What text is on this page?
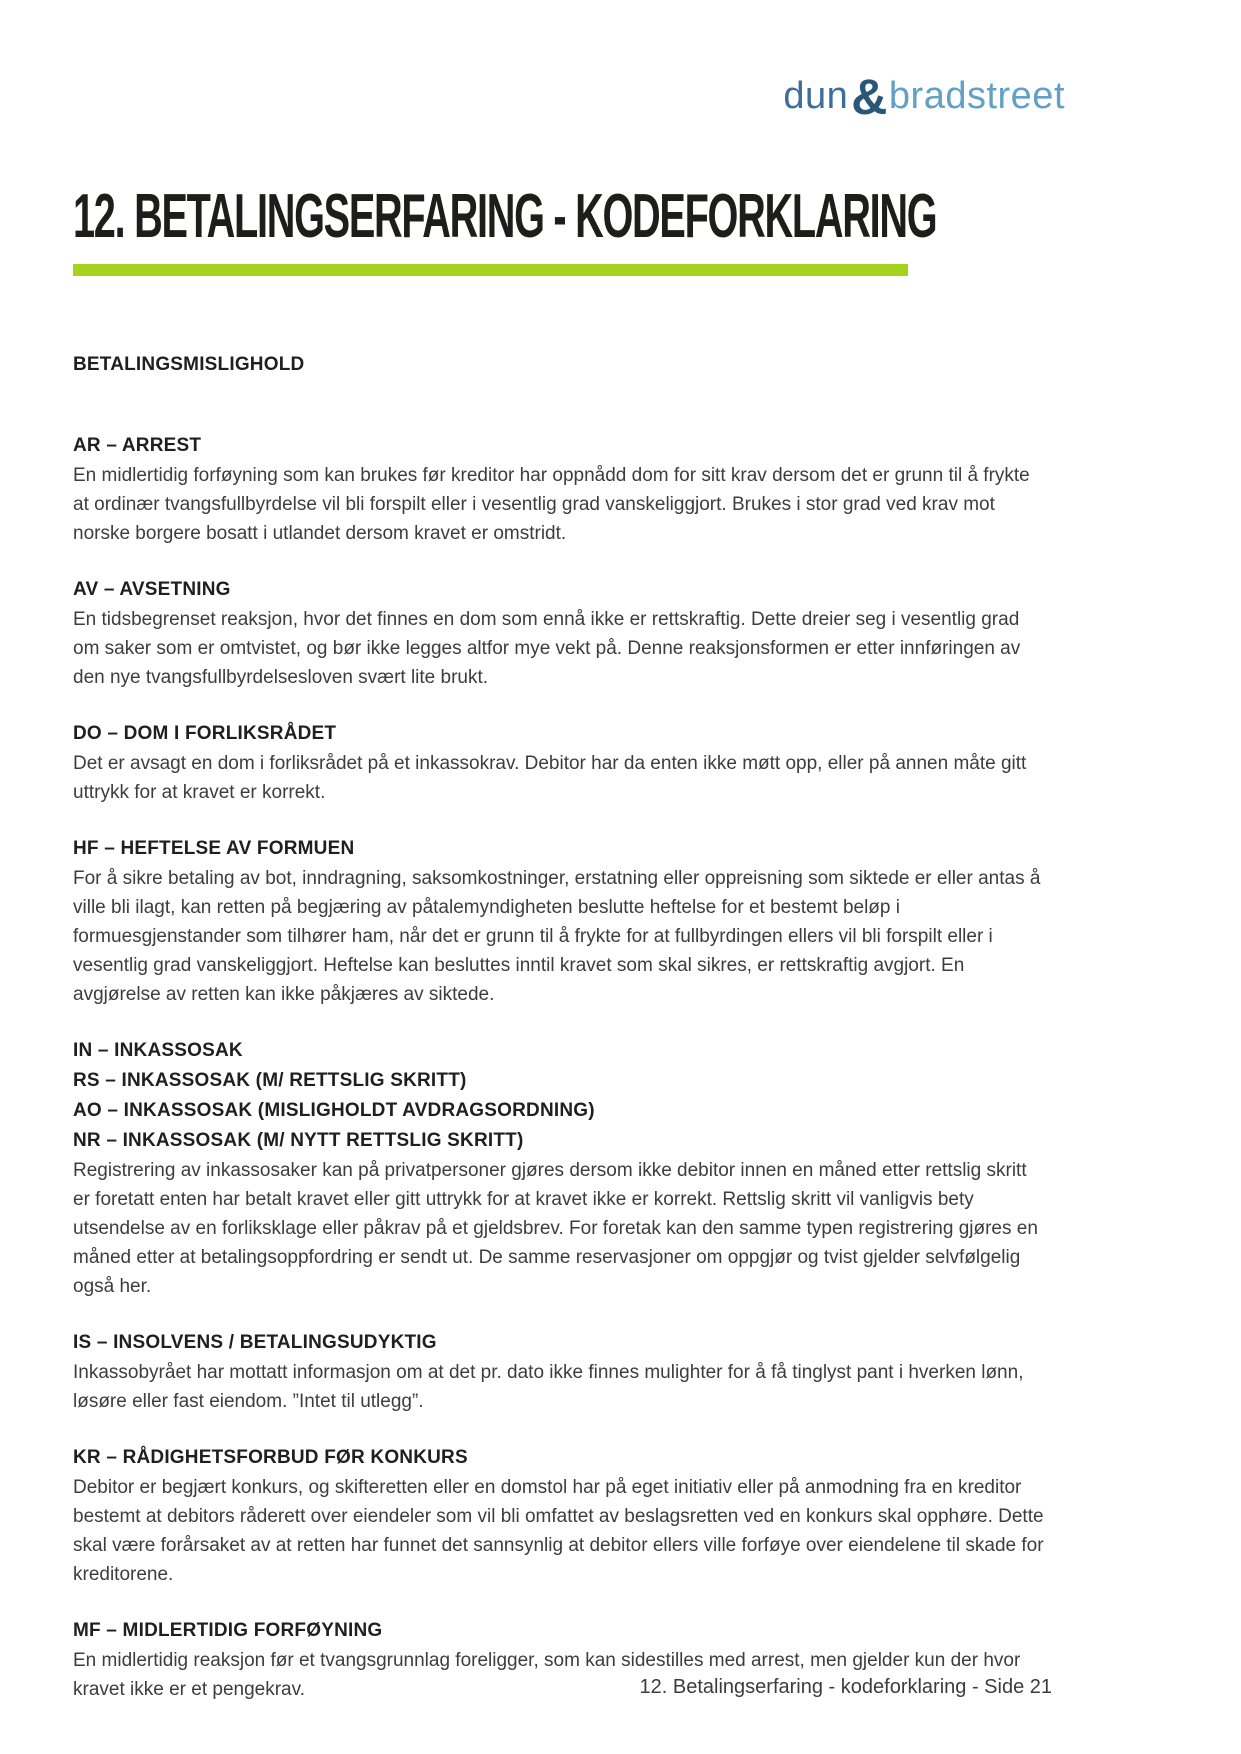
dun&bradstreet
12. BETALINGSERFARING - KODEFORKLARING
BETALINGSMISLIGHOLD
AR – ARREST

En midlertidig forføyning som kan brukes før kreditor har oppnådd dom for sitt krav dersom det er grunn til å frykte at ordinær tvangsfullbyrdelse vil bli forspilt eller i vesentlig grad vanskeliggjort. Brukes i stor grad ved krav mot norske borgere bosatt i utlandet dersom kravet er omstridt.

AV – AVSETNING

En tidsbegrenset reaksjon, hvor det finnes en dom som ennå ikke er rettskraftig. Dette dreier seg i vesentlig grad om saker som er omtvistet, og bør ikke legges altfor mye vekt på. Denne reaksjonsformen er etter innføringen av den nye tvangsfullbyrdelsesloven svært lite brukt.

DO – DOM I FORLIKSRÅDET

Det er avsagt en dom i forliksrådet på et inkassokrav. Debitor har da enten ikke møtt opp, eller på annen måte gitt uttrykk for at kravet er korrekt.

HF – HEFTELSE AV FORMUEN

For å sikre betaling av bot, inndragning, saksomkostninger, erstatning eller oppreisning som siktede er eller antas å ville bli ilagt, kan retten på begjæring av påtalemyndigheten beslutte heftelse for et bestemt beløp i formuesgjenstander som tilhører ham, når det er grunn til å frykte for at fullbyrdingen ellers vil bli forspilt eller i vesentlig grad vanskeliggjort. Heftelse kan besluttes inntil kravet som skal sikres, er rettskraftig avgjort. En avgjørelse av retten kan ikke påkjæres av siktede.

IN – INKASSOSAK
RS – INKASSOSAK (M/ RETTSLIG SKRITT)
AO – INKASSOSAK (MISLIGHOLDT AVDRAGSORDNING)
NR – INKASSOSAK (M/ NYTT RETTSLIG SKRITT)

Registrering av inkassosaker kan på privatpersoner gjøres dersom ikke debitor innen en måned etter rettslig skritt er foretatt enten har betalt kravet eller gitt uttrykk for at kravet ikke er korrekt. Rettslig skritt vil vanligvis bety utsendelse av en forliksklage eller påkrav på et gjeldsbrev. For foretak kan den samme typen registrering gjøres en måned etter at betalingsoppfordring er sendt ut. De samme reservasjoner om oppgjør og tvist gjelder selvfølgelig også her.

IS – INSOLVENS / BETALINGSUDYKTIG

Inkassobyrået har mottatt informasjon om at det pr. dato ikke finnes mulighter for å få tinglyst pant i hverken lønn, løsøre eller fast eiendom. ”Intet til utlegg”.

KR – RÅDIGHETSFORBUD FØR KONKURS

Debitor er begjært konkurs, og skifteretten eller en domstol har på eget initiativ eller på anmodning fra en kreditor bestemt at debitors råderett over eiendeler som vil bli omfattet av beslagsretten ved en konkurs skal opphøre. Dette skal være forårsaket av at retten har funnet det sannsynlig at debitor ellers ville forføye over eiendelene til skade for kreditorene.

MF – MIDLERTIDIG FORFØYNING

En midlertidig reaksjon før et tvangsgrunnlag foreligger, som kan sidestilles med arrest, men gjelder kun der hvor kravet ikke er et pengekrav.	12. Betalingserfaring - kodeforklaring - Side 21
